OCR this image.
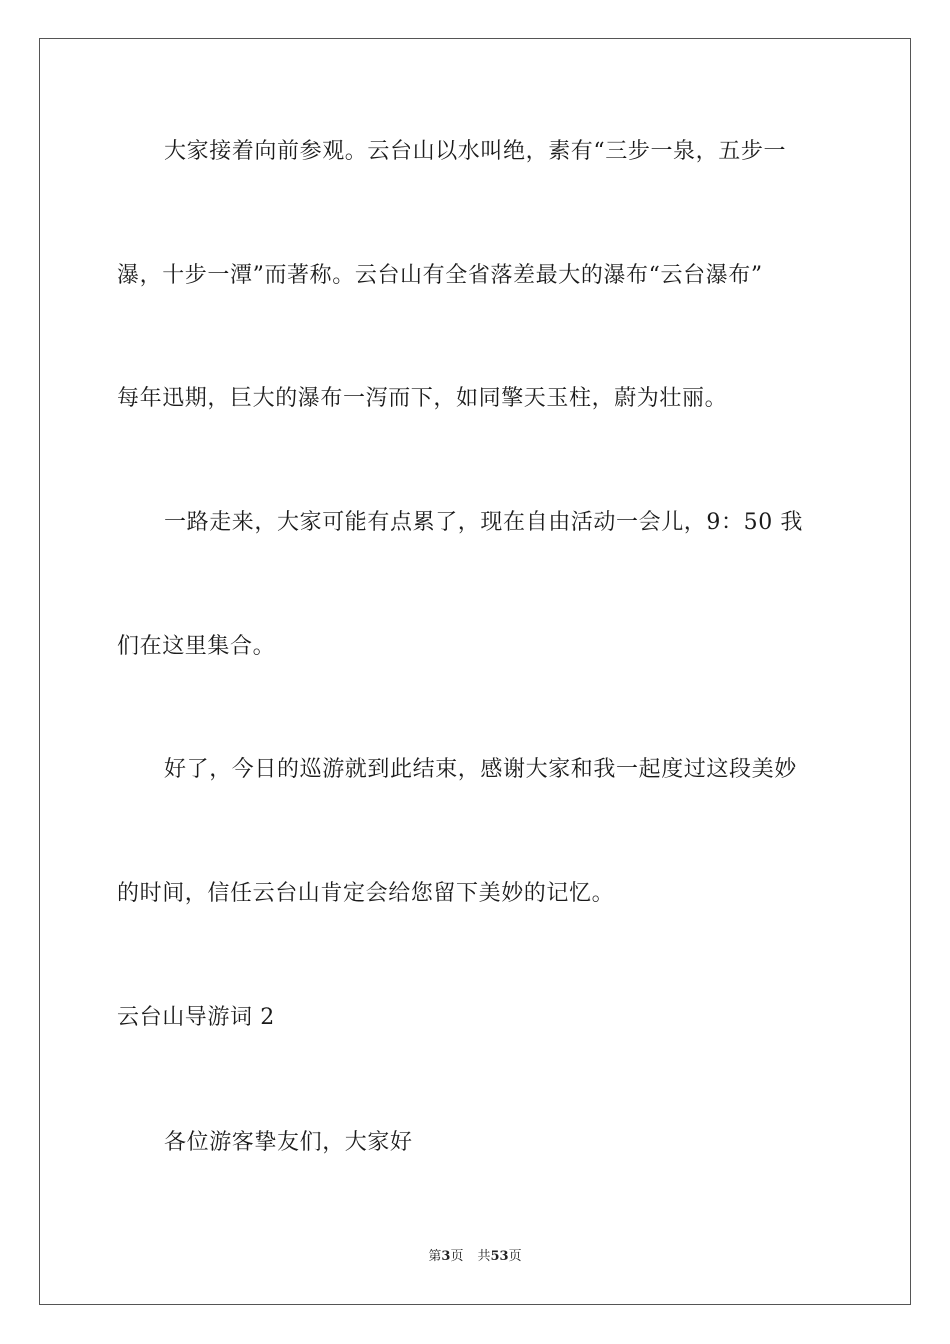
大家接着向前参观。云台山以水叫绝，素有“三步一泉，五步一
瀑，十步一潭”而著称。云台山有全省落差最大的瀑布“云台瀑布”
每年迅期，巨大的瀑布一泻而下，如同擎天玉柱，蔚为壮丽。
一路走来，大家可能有点累了，现在自由活动一会儿，9：50 我
们在这里集合。
好了，今日的巡游就到此结束，感谢大家和我一起度过这段美妙
的时间，信任云台山肯定会给您留下美妙的记忆。
云台山导游词 2
各位游客挚友们，大家好
第3页 共53页
